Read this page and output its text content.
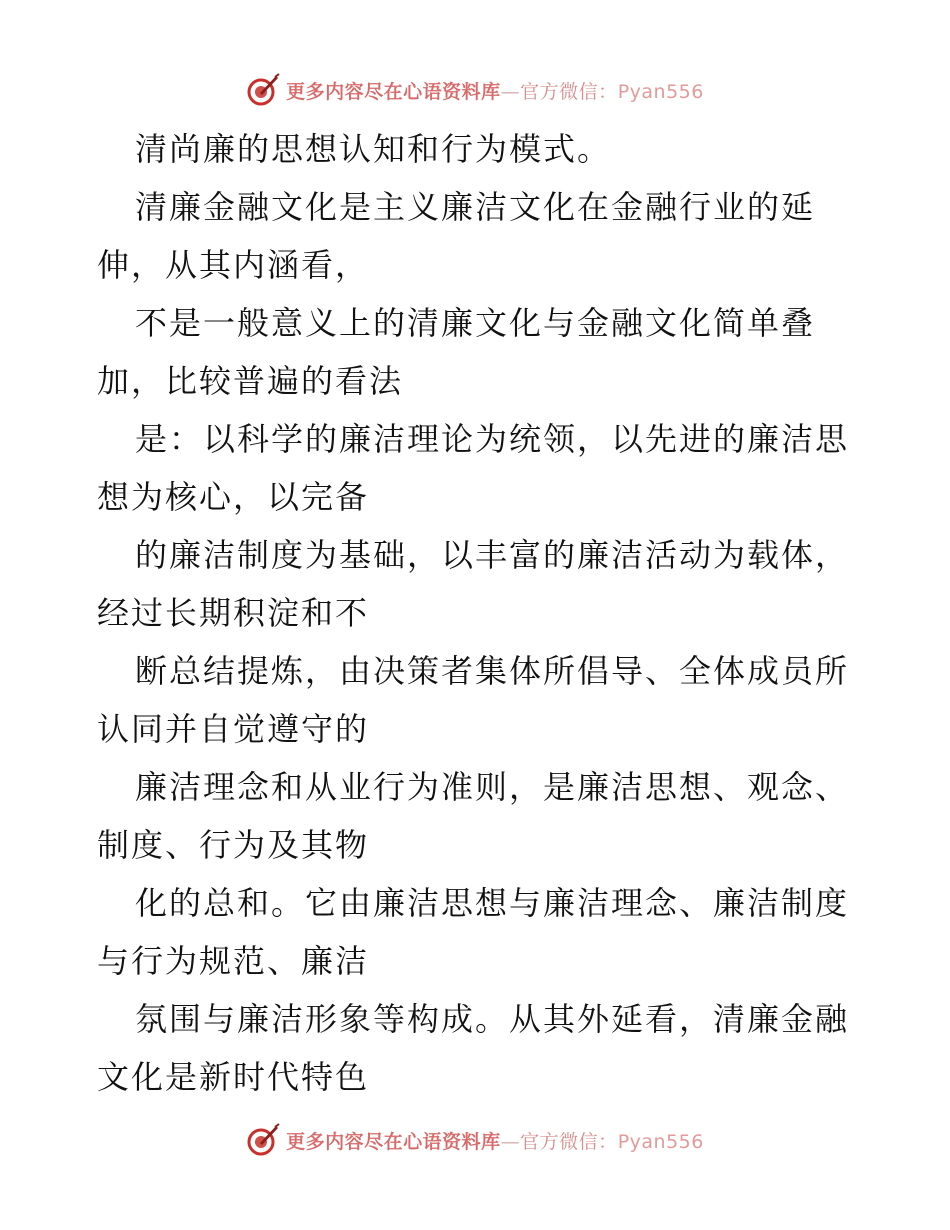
更多内容尽在心语资料库—官方微信：Pyan556
清尚廉的思想认知和行为模式。
清廉金融文化是主义廉洁文化在金融行业的延
伸，从其内涵看，
不是一般意义上的清廉文化与金融文化简单叠
加，比较普遍的看法
是：以科学的廉洁理论为统领，以先进的廉洁思
想为核心，以完备
的廉洁制度为基础，以丰富的廉洁活动为载体，
经过长期积淀和不
断总结提炼，由决策者集体所倡导、全体成员所
认同并自觉遵守的
廉洁理念和从业行为准则，是廉洁思想、观念、
制度、行为及其物
化的总和。它由廉洁思想与廉洁理念、廉洁制度
与行为规范、廉洁
氛围与廉洁形象等构成。从其外延看，清廉金融
文化是新时代特色
更多内容尽在心语资料库—官方微信：Pyan556
